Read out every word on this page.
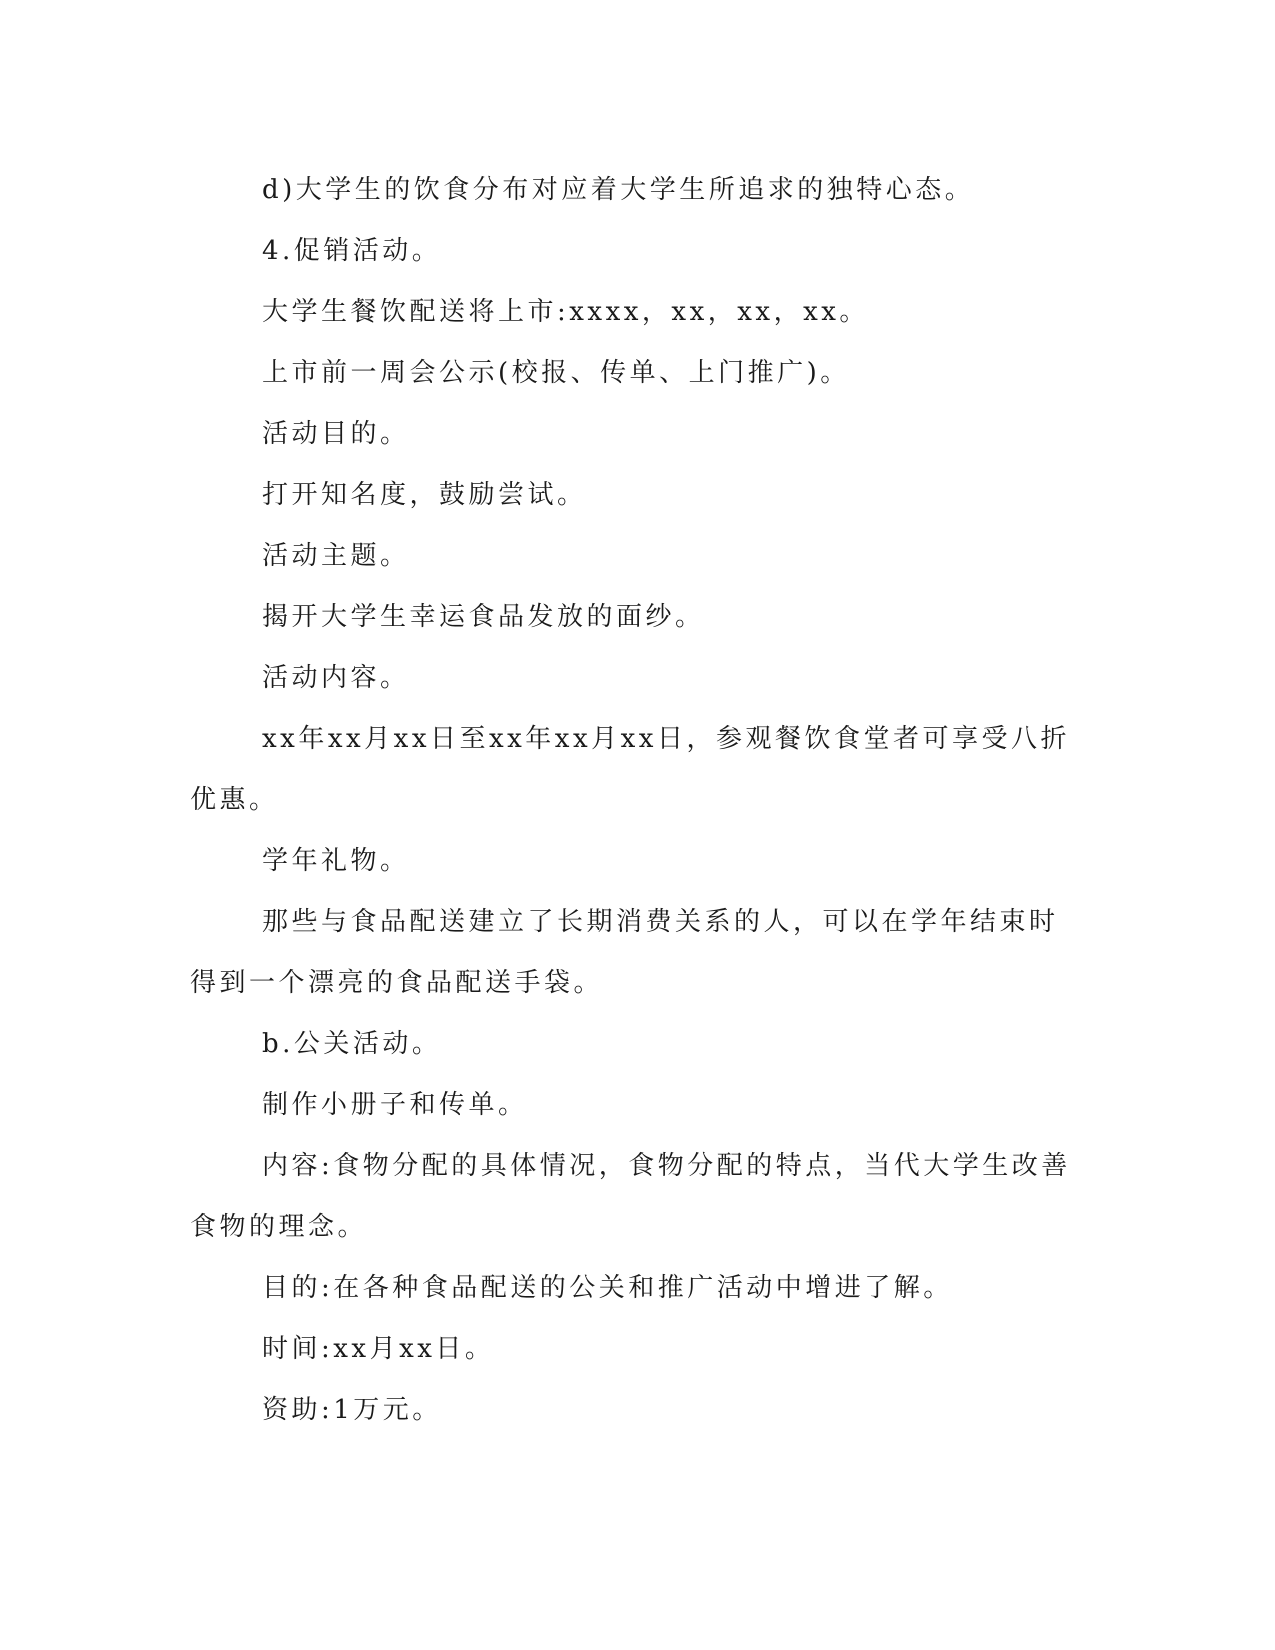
d)大学生的饮食分布对应着大学生所追求的独特心态。

4.促销活动。

大学生餐饮配送将上市:xxxx，xx，xx，xx。

上市前一周会公示(校报、传单、上门推广)。

活动目的。

打开知名度，鼓励尝试。

活动主题。

揭开大学生幸运食品发放的面纱。

活动内容。

xx年xx月xx日至xx年xx月xx日，参观餐饮食堂者可享受八折优惠。

学年礼物。

那些与食品配送建立了长期消费关系的人，可以在学年结束时得到一个漂亮的食品配送手袋。

b.公关活动。

制作小册子和传单。

内容:食物分配的具体情况，食物分配的特点，当代大学生改善食物的理念。

目的:在各种食品配送的公关和推广活动中增进了解。

时间:xx月xx日。

资助:1万元。
